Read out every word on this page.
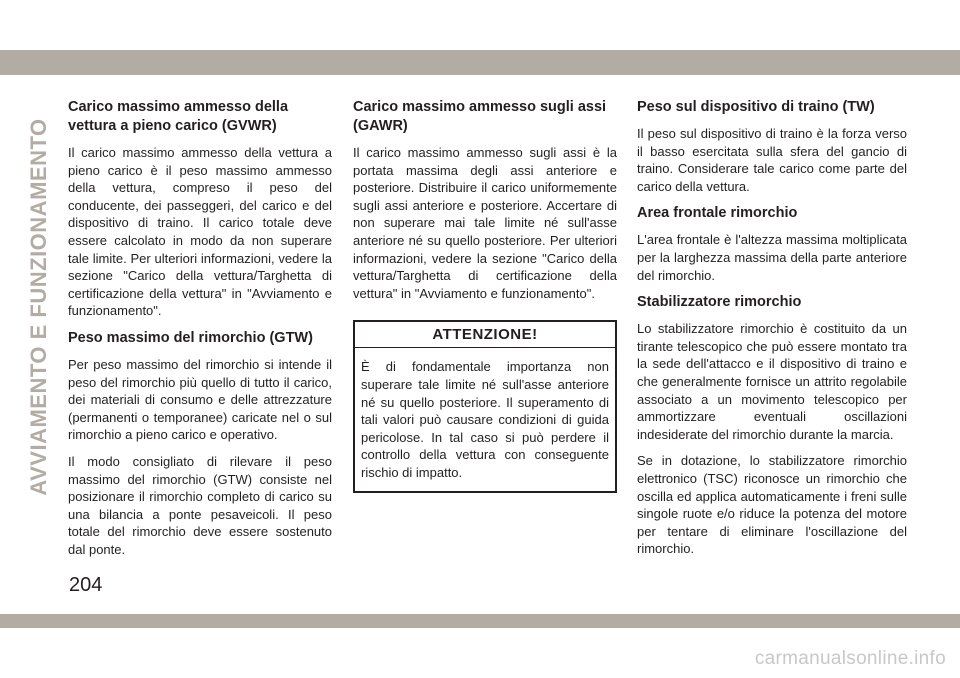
AVVIAMENTO E FUNZIONAMENTO
Carico massimo ammesso della vettura a pieno carico (GVWR)

Il carico massimo ammesso della vettura a pieno carico è il peso massimo ammesso della vettura, compreso il peso del conducente, dei passeggeri, del carico e del dispositivo di traino. Il carico totale deve essere calcolato in modo da non superare tale limite. Per ulteriori informazioni, vedere la sezione "Carico della vettura/Targhetta di certificazione della vettura" in "Avviamento e funzionamento".

Peso massimo del rimorchio (GTW)

Per peso massimo del rimorchio si intende il peso del rimorchio più quello di tutto il carico, dei materiali di consumo e delle attrezzature (permanenti o temporanee) caricate nel o sul rimorchio a pieno carico e operativo.

Il modo consigliato di rilevare il peso massimo del rimorchio (GTW) consiste nel posizionare il rimorchio completo di carico su una bilancia a ponte pesaveicoli. Il peso totale del rimorchio deve essere sostenuto dal ponte.

Carico massimo ammesso sugli assi (GAWR)

Il carico massimo ammesso sugli assi è la portata massima degli assi anteriore e posteriore. Distribuire il carico uniformemente sugli assi anteriore e posteriore. Accertare di non superare mai tale limite né sull'asse anteriore né su quello posteriore. Per ulteriori informazioni, vedere la sezione "Carico della vettura/Targhetta di certificazione della vettura" in "Avviamento e funzionamento".

ATTENZIONE!

È di fondamentale importanza non superare tale limite né sull'asse anteriore né su quello posteriore. Il superamento di tali valori può causare condizioni di guida pericolose. In tal caso si può perdere il controllo della vettura con conseguente rischio di impatto.

Peso sul dispositivo di traino (TW)

Il peso sul dispositivo di traino è la forza verso il basso esercitata sulla sfera del gancio di traino. Considerare tale carico come parte del carico della vettura.

Area frontale rimorchio

L'area frontale è l'altezza massima moltiplicata per la larghezza massima della parte anteriore del rimorchio.

Stabilizzatore rimorchio

Lo stabilizzatore rimorchio è costituito da un tirante telescopico che può essere montato tra la sede dell'attacco e il dispositivo di traino e che generalmente fornisce un attrito regolabile associato a un movimento telescopico per ammortizzare eventuali oscillazioni indesiderate del rimorchio durante la marcia.

Se in dotazione, lo stabilizzatore rimorchio elettronico (TSC) riconosce un rimorchio che oscilla ed applica automaticamente i freni sulle singole ruote e/o riduce la potenza del motore per tentare di eliminare l'oscillazione del rimorchio.

204
carmanualsonline.info
